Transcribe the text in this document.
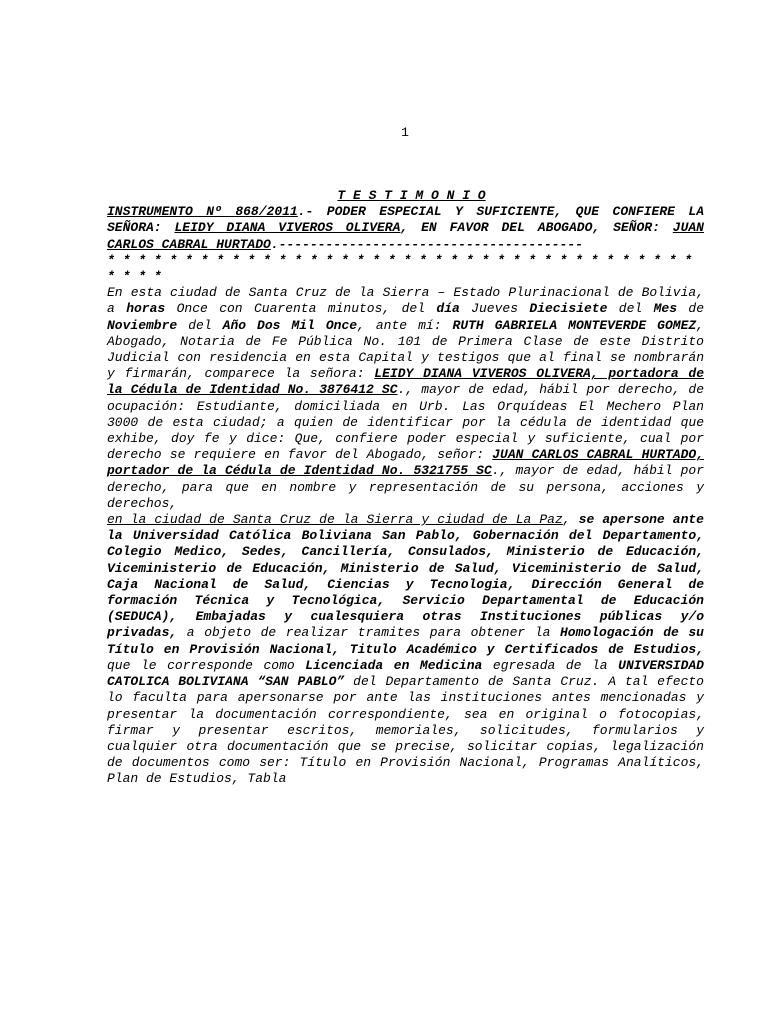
1
T E S T I M O N I O
INSTRUMENTO Nº 868/2011.- PODER ESPECIAL Y SUFICIENTE, QUE CONFIERE LA SEÑORA: LEIDY DIANA VIVEROS OLIVERA, EN FAVOR DEL ABOGADO, SEÑOR: JUAN CARLOS CABRAL HURTADO.---------------------------------------
* * * * * * * * * * * * * * * * * * * * * * * * * * * * * * * * * * * * * * * * * *
En esta ciudad de Santa Cruz de la Sierra – Estado Plurinacional de Bolivia, a horas Once con Cuarenta minutos, del día Jueves Diecisiete del Mes de Noviembre del Año Dos Mil Once, ante mí: RUTH GABRIELA MONTEVERDE GOMEZ, Abogado, Notaria de Fe Pública No. 101 de Primera Clase de este Distrito Judicial con residencia en esta Capital y testigos que al final se nombrarán y firmarán, comparece la señora: LEIDY DIANA VIVEROS OLIVERA, portadora de la Cédula de Identidad No. 3876412 SC., mayor de edad, hábil por derecho, de ocupación: Estudiante, domiciliada en Urb. Las Orquídeas El Mechero Plan 3000 de esta ciudad; a quien de identificar por la cédula de identidad que exhibe, doy fe y dice: Que, confiere poder especial y suficiente, cual por derecho se requiere en favor del Abogado, señor: JUAN CARLOS CABRAL HURTADO, portador de la Cédula de Identidad No. 5321755 SC., mayor de edad, hábil por derecho, para que en nombre y representación de su persona, acciones y derechos,
en la ciudad de Santa Cruz de la Sierra y ciudad de La Paz, se apersone ante la Universidad Católica Boliviana San Pablo, Gobernación del Departamento, Colegio Medico, Sedes, Cancillería, Consulados, Ministerio de Educación, Viceministerio de Educación, Ministerio de Salud, Viceministerio de Salud, Caja Nacional de Salud, Ciencias y Tecnologia, Dirección General de formación Técnica y Tecnológica, Servicio Departamental de Educación (SEDUCA), Embajadas y cualesquiera otras Instituciones públicas y/o privadas, a objeto de realizar tramites para obtener la Homologación de su Título en Provisión Nacional, Titulo Académico y Certificados de Estudios, que le corresponde como Licenciada en Medicina egresada de la UNIVERSIDAD CATOLICA BOLIVIANA “SAN PABLO” del Departamento de Santa Cruz. A tal efecto lo faculta para apersonarse por ante las instituciones antes mencionadas y presentar la documentación correspondiente, sea en original o fotocopias, firmar y presentar escritos, memoriales, solicitudes, formularios y cualquier otra documentación que se precise, solicitar copias, legalización de documentos como ser: Título en Provisión Nacional, Programas Analíticos, Plan de Estudios, Tabla
